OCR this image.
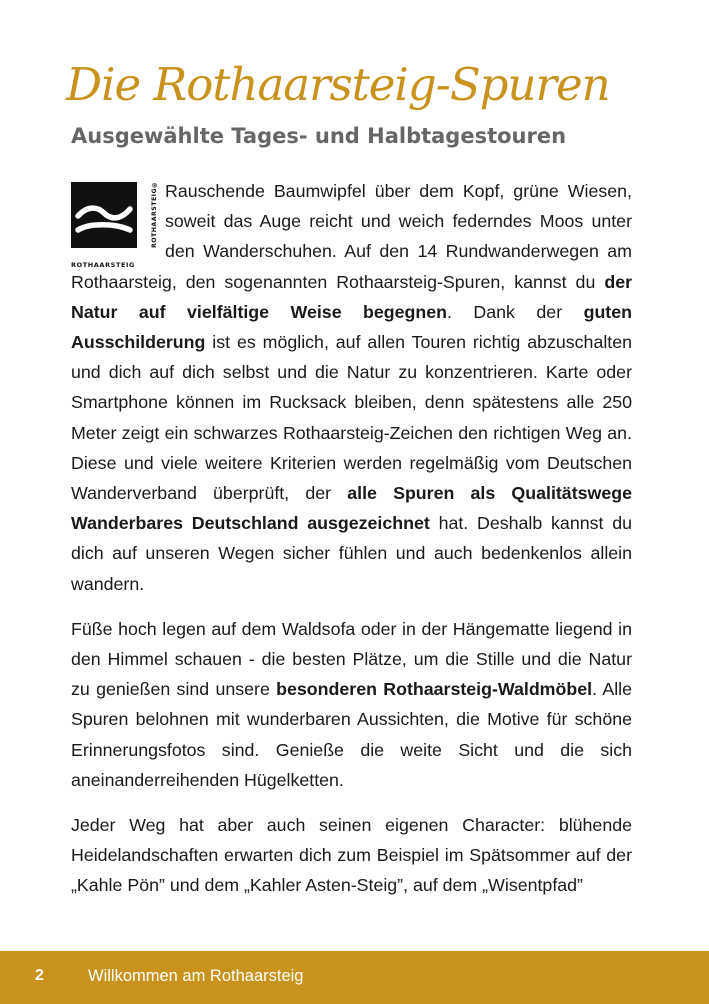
Die Rothaarsteig-Spuren
Ausgewählte Tages- und Halbtagestouren

ROTHAARSTEIG®
ROTHAARSTEIG
Rauschende Baumwipfel über dem Kopf, grüne Wiesen, soweit das Auge reicht und weich federndes Moos unter den Wanderschuhen. Auf den 14 Rundwanderwegen am Rothaarsteig, den sogenannten Rothaarsteig-Spuren, kannst du der Natur auf vielfältige Weise begegnen. Dank der guten Ausschilderung ist es möglich, auf allen Touren richtig abzuschalten und dich auf dich selbst und die Natur zu konzentrieren. Karte oder Smartphone können im Rucksack bleiben, denn spätestens alle 250 Meter zeigt ein schwarzes Rothaarsteig-Zeichen den richtigen Weg an. Diese und viele weitere Kriterien werden regelmäßig vom Deutschen Wanderverband überprüft, der alle Spuren als Qualitätswege Wanderbares Deutschland ausgezeichnet hat. Deshalb kannst du dich auf unseren Wegen sicher fühlen und auch bedenkenlos allein wandern.

Füße hoch legen auf dem Waldsofa oder in der Hängematte liegend in den Himmel schauen - die besten Plätze, um die Stille und die Natur zu genießen sind unsere besonderen Rothaarsteig-Waldmöbel. Alle Spuren belohnen mit wunderbaren Aussichten, die Motive für schöne Erinnerungsfotos sind. Genieße die weite Sicht und die sich aneinanderreihenden Hügelketten.

Jeder Weg hat aber auch seinen eigenen Character: blühende Heidelandschaften erwarten dich zum Beispiel im Spätsommer auf der „Kahle Pön” und dem „Kahler Asten-Steig”, auf dem „Wisentpfad”

2	Willkommen am Rothaarsteig
